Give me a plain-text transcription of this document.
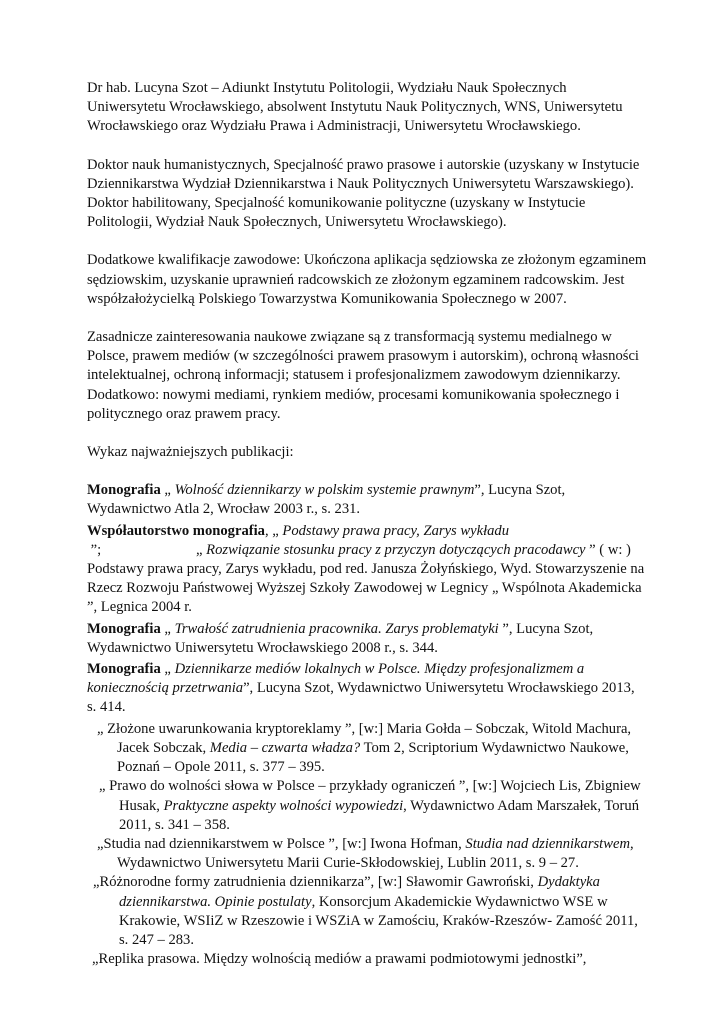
Dr hab. Lucyna Szot – Adiunkt Instytutu Politologii, Wydziału Nauk Społecznych Uniwersytetu Wrocławskiego, absolwent Instytutu Nauk Politycznych, WNS, Uniwersytetu Wrocławskiego oraz Wydziału Prawa i Administracji, Uniwersytetu Wrocławskiego.

Doktor nauk humanistycznych, Specjalność prawo prasowe i autorskie (uzyskany w Instytucie Dziennikarstwa Wydział Dziennikarstwa i Nauk Politycznych Uniwersytetu Warszawskiego).

Doktor habilitowany, Specjalność komunikowanie polityczne (uzyskany w Instytucie Politologii, Wydział Nauk Społecznych, Uniwersytetu Wrocławskiego).

Dodatkowe kwalifikacje zawodowe: Ukończona aplikacja sędziowska ze złożonym egzaminem sędziowskim, uzyskanie uprawnień radcowskich ze złożonym egzaminem radcowskim. Jest współzałożycielką Polskiego Towarzystwa Komunikowania Społecznego w 2007.

Zasadnicze zainteresowania naukowe związane są z transformacją systemu medialnego w Polsce, prawem mediów (w szczególności prawem prasowym i autorskim), ochroną własności intelektualnej, ochroną informacji; statusem i profesjonalizmem zawodowym dziennikarzy. Dodatkowo: nowymi mediami, rynkiem mediów, procesami komunikowania społecznego i politycznego oraz prawem pracy.

Wykaz najważniejszych publikacji:

Monografia „ Wolność dziennikarzy w polskim systemie prawnym”, Lucyna Szot, Wydawnictwo Atla 2, Wrocław 2003 r., s. 231.

Współautorstwo monografia, „ Podstawy prawa pracy, Zarys wykładu ”;                          „ Rozwiązanie stosunku pracy z przyczyn dotyczących pracodawcy ” ( w: ) Podstawy prawa pracy, Zarys wykładu, pod red. Janusza Żołyńskiego, Wyd. Stowarzyszenie na Rzecz Rozwoju Państwowej Wyższej Szkoły Zawodowej w Legnicy „ Wspólnota Akademicka ”, Legnica 2004 r.

Monografia „ Trwałość zatrudnienia pracownika. Zarys problematyki ”, Lucyna Szot, Wydawnictwo Uniwersytetu Wrocławskiego 2008 r., s. 344.

Monografia „ Dziennikarze mediów lokalnych w Polsce. Między profesjonalizmem a koniecznością przetrwania”, Lucyna Szot, Wydawnictwo Uniwersytetu Wrocławskiego 2013, s. 414.

„ Złożone uwarunkowania kryptoreklamy ”, [w:] Maria Gołda – Sobczak, Witold Machura, Jacek Sobczak, Media – czwarta władza? Tom 2, Scriptorium Wydawnictwo Naukowe, Poznań – Opole 2011, s. 377 – 395.

„ Prawo do wolności słowa w Polsce – przykłady ograniczeń ”, [w:] Wojciech Lis, Zbigniew Husak, Praktyczne aspekty wolności wypowiedzi, Wydawnictwo Adam Marszałek, Toruń 2011, s. 341 – 358.

„Studia nad dziennikarstwem w Polsce ”, [w:] Iwona Hofman, Studia nad dziennikarstwem, Wydawnictwo Uniwersytetu Marii Curie-Skłodowskiej, Lublin 2011, s. 9 – 27.

„Różnorodne formy zatrudnienia dziennikarza”, [w:] Sławomir Gawroński, Dydaktyka dziennikarstwa. Opinie postulaty, Konsorcjum Akademickie Wydawnictwo WSE w Krakowie, WSIiZ w Rzeszowie i WSZiA w Zamościu, Kraków-Rzeszów- Zamość 2011, s. 247 – 283.

„Replika prasowa. Między wolnością mediów a prawami podmiotowymi jednostki”,
